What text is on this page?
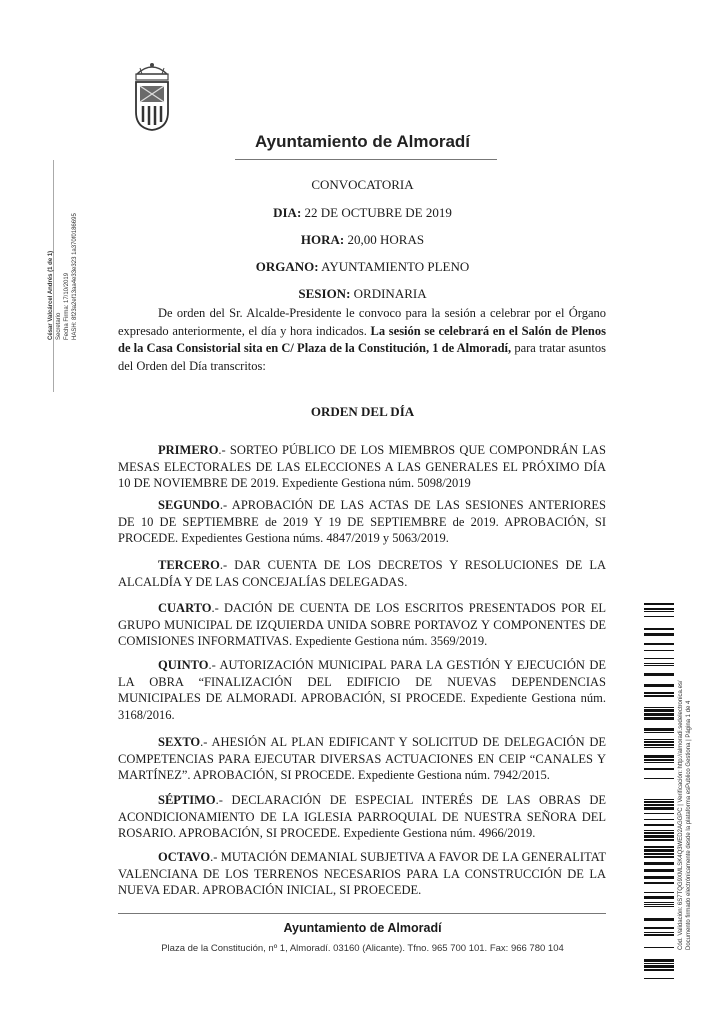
Ayuntamiento de Almoradí
CONVOCATORIA
DIA: 22 DE OCTUBRE DE 2019
HORA: 20,00 HORAS
ORGANO: AYUNTAMIENTO PLENO
SESION: ORDINARIA
De orden del Sr. Alcalde-Presidente le convoco para la sesión a celebrar por el Órgano expresado anteriormente, el día y hora indicados. La sesión se celebrará en el Salón de Plenos de la Casa Consistorial sita en C/ Plaza de la Constitución, 1 de Almoradí, para tratar asuntos del Orden del Día transcritos:
ORDEN DEL DÍA
PRIMERO.- SORTEO PÚBLICO DE LOS MIEMBROS QUE COMPONDRÁN LAS MESAS ELECTORALES DE LAS ELECCIONES A LAS GENERALES EL PRÓXIMO DÍA 10 DE NOVIEMBRE DE 2019. Expediente Gestiona núm. 5098/2019
SEGUNDO.- APROBACIÓN DE LAS ACTAS DE LAS SESIONES ANTERIORES DE 10 DE SEPTIEMBRE de 2019 Y 19 DE SEPTIEMBRE de 2019. APROBACIÓN, SI PROCEDE. Expedientes Gestiona núms. 4847/2019 y 5063/2019.
TERCERO.- DAR CUENTA DE LOS DECRETOS Y RESOLUCIONES DE LA ALCALDÍA Y DE LAS CONCEJALÍAS DELEGADAS.
CUARTO.- DACIÓN DE CUENTA DE LOS ESCRITOS PRESENTADOS POR EL GRUPO MUNICIPAL DE IZQUIERDA UNIDA SOBRE PORTAVOZ Y COMPONENTES DE COMISIONES INFORMATIVAS. Expediente Gestiona núm. 3569/2019.
QUINTO.- AUTORIZACIÓN MUNICIPAL PARA LA GESTIÓN Y EJECUCIÓN DE LA OBRA “FINALIZACIÓN DEL EDIFICIO DE NUEVAS DEPENDENCIAS MUNICIPALES DE ALMORADI. APROBACIÓN, SI PROCEDE. Expediente Gestiona núm. 3168/2016.
SEXTO.- AHESIÓN AL PLAN EDIFICANT Y SOLICITUD DE DELEGACIÓN DE COMPETENCIAS PARA EJECUTAR DIVERSAS ACTUACIONES EN CEIP “CANALES Y MARTÍNEZ”. APROBACIÓN, SI PROCEDE. Expediente Gestiona núm. 7942/2015.
SÉPTIMO.- DECLARACIÓN DE ESPECIAL INTERÉS DE LAS OBRAS DE ACONDICIONAMIENTO DE LA IGLESIA PARROQUIAL DE NUESTRA SEÑORA DEL ROSARIO. APROBACIÓN, SI PROCEDE. Expediente Gestiona núm. 4966/2019.
OCTAVO.- MUTACIÓN DEMANIAL SUBJETIVA A FAVOR DE LA GENERALITAT VALENCIANA DE LOS TERRENOS NECESARIOS PARA LA CONSTRUCCIÓN DE LA NUEVA EDAR. APROBACIÓN INICIAL, SI PROECEDE.
Ayuntamiento de Almoradí
Plaza de la Constitución, nº 1, Almoradí. 03160 (Alicante). Tfno. 965 700 101. Fax: 966 780 104
César Valcárcel Andrés (1 de 1) Secretario Fecha Firma: 17/10/2019 HASH: 8f23a2ef13aa4e33e323 1a370f0186695
Cód. Validación: 6S7TQG9XMLSK4Q3WED2AGGPC | Verificación: http://almoradi.sedelectronica.es/ Documento firmado electrónicamente desde la plataforma esPublico Gestiona | Página 1 de 4
